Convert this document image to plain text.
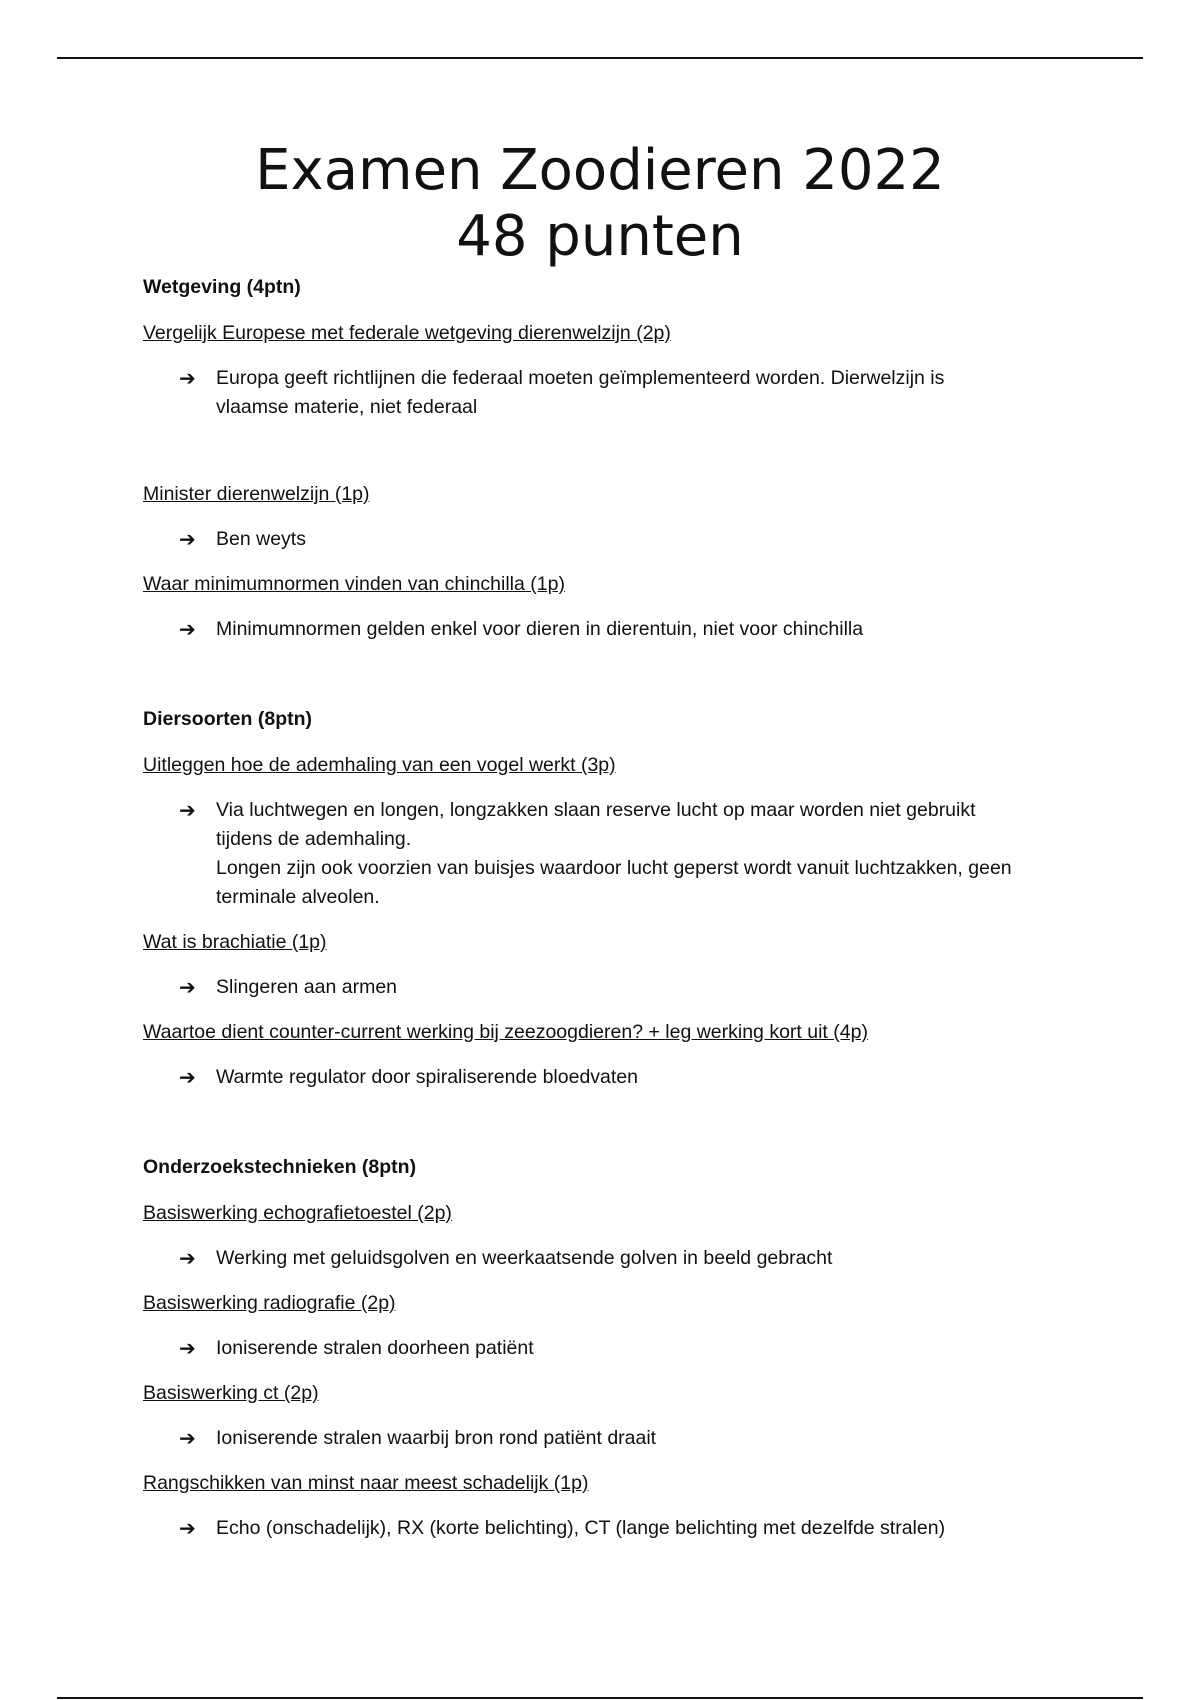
Examen Zoodieren 2022
48 punten
Wetgeving (4ptn)
Vergelijk Europese met federale wetgeving dierenwelzijn (2p)
➔ Europa geeft richtlijnen die federaal moeten geïmplementeerd worden. Dierwelzijn is
vlaamse materie, niet federaal
Minister dierenwelzijn (1p)
➔ Ben weyts
Waar minimumnormen vinden van chinchilla (1p)
➔ Minimumnormen gelden enkel voor dieren in dierentuin, niet voor chinchilla
Diersoorten (8ptn)
Uitleggen hoe de ademhaling van een vogel werkt (3p)
➔ Via luchtwegen en longen, longzakken slaan reserve lucht op maar worden niet gebruikt
tijdens de ademhaling.
Longen zijn ook voorzien van buisjes waardoor lucht geperst wordt vanuit luchtzakken, geen
terminale alveolen.
Wat is brachiatie (1p)
➔ Slingeren aan armen
Waartoe dient counter-current werking bij zeezoogdieren? + leg werking kort uit (4p)
➔ Warmte regulator door spiraliserende bloedvaten
Onderzoekstechnieken (8ptn)
Basiswerking echografietoestel (2p)
➔ Werking met geluidsgolven en weerkaatsende golven in beeld gebracht
Basiswerking radiografie (2p)
➔ Ioniserende stralen doorheen patiënt
Basiswerking ct (2p)
➔ Ioniserende stralen waarbij bron rond patiënt draait
Rangschikken van minst naar meest schadelijk (1p)
➔ Echo (onschadelijk), RX (korte belichting), CT (lange belichting met dezelfde stralen)
